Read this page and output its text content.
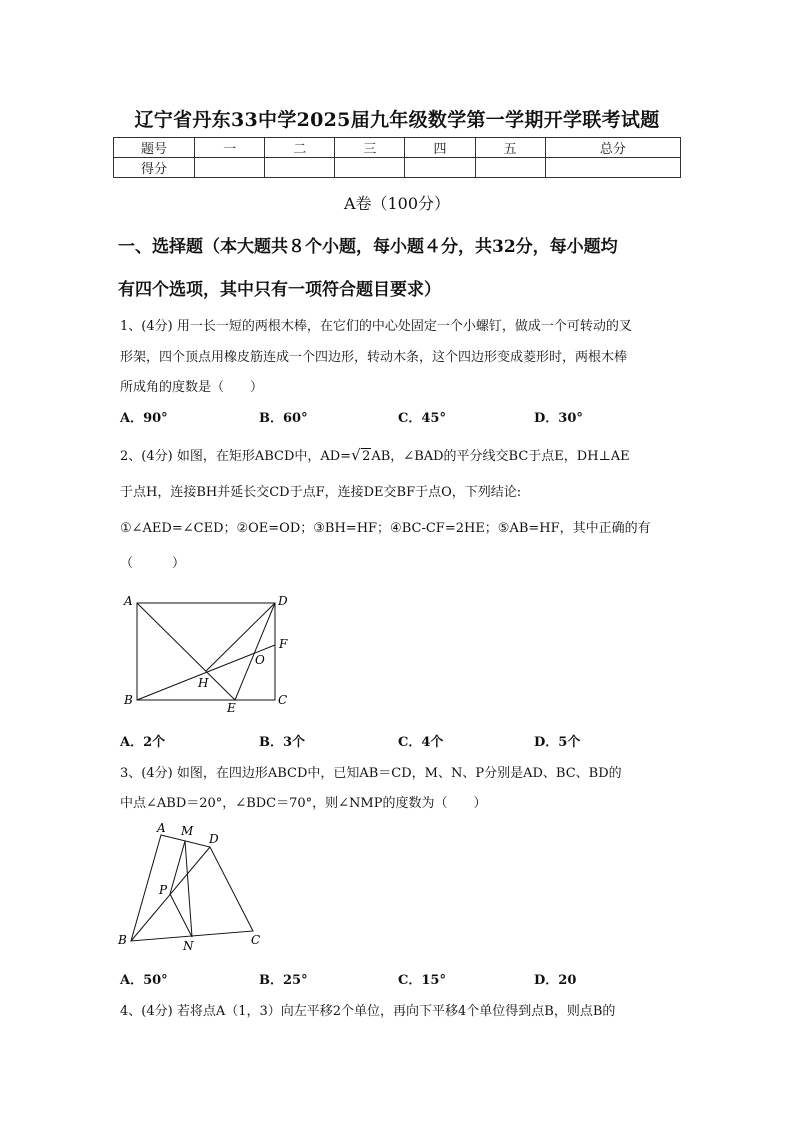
辽宁省丹东33中学2025届九年级数学第一学期开学联考试题
题号	一	二	三	四	五	总分
得分						
A卷（100分）
一、选择题（本大题共８个小题，每小题４分，共32分，每小题均
有四个选项，其中只有一项符合题目要求）
1、(4分) 用一长一短的两根木棒，在它们的中心处固定一个小螺钉，做成一个可转动的叉
形架，四个顶点用橡皮筋连成一个四边形，转动木条，这个四边形变成菱形时，两根木棒
所成角的度数是（　　）
A．90°	B．60°	C．45°	D．30°
2、(4分) 如图，在矩形ABCD中，AD= √ 2AB，∠BAD的平分线交BC于点E，DH⊥AE
于点H，连接BH并延长交CD于点F，连接DE交BF于点O，下列结论:
①∠AED=∠CED；②OE=OD；③BH=HF；④BC-CF=2HE；⑤AB=HF，其中正确的有
（　　　）
A	D
F
O
H
B
E
C
A．2个	B．3个	C．4个	D．5个
3、(4分) 如图，在四边形ABCD中，已知AB＝CD，M、N、P分别是AD、BC、BD的
中点∠ABD＝20°，∠BDC＝70°，则∠NMP的度数为（　　）
A M
D
P
B	N	C
A．50°	B．25°	C．15°	D．20
4、(4分) 若将点A（1，3）向左平移2个单位，再向下平移4个单位得到点B，则点B的
